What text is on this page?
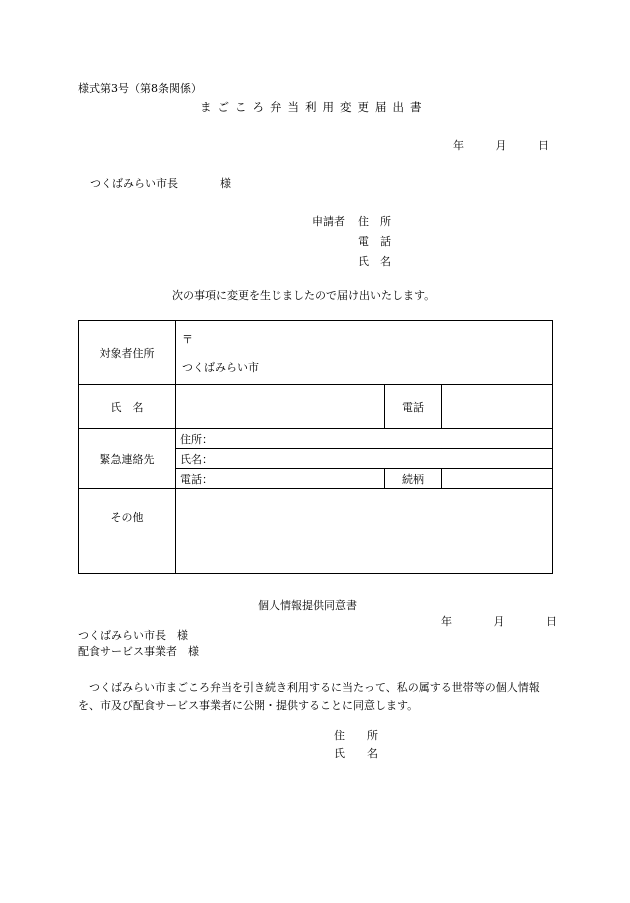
様式第3号（第8条関係）
まごころ弁当利用変更届出書
年	月	日
つくばみらい市長	様
申請者	住　所
電　話
氏　名
次の事項に変更を生じましたので届け出いたします。
対象者住所	〒
つくばみらい市		

氏　名		電話	
緊急連絡先	住所：		
	氏名：		
	電話：	続柄	
その他			
個人情報提供同意書
年	月	日
つくばみらい市長　様
配食サービス事業者　様
つくばみらい市まごころ弁当を引き続き利用するに当たって、私の属する世帯等の個人情報を、市及び配食サービス事業者に公開・提供することに同意します。
住　　所
氏　　名
